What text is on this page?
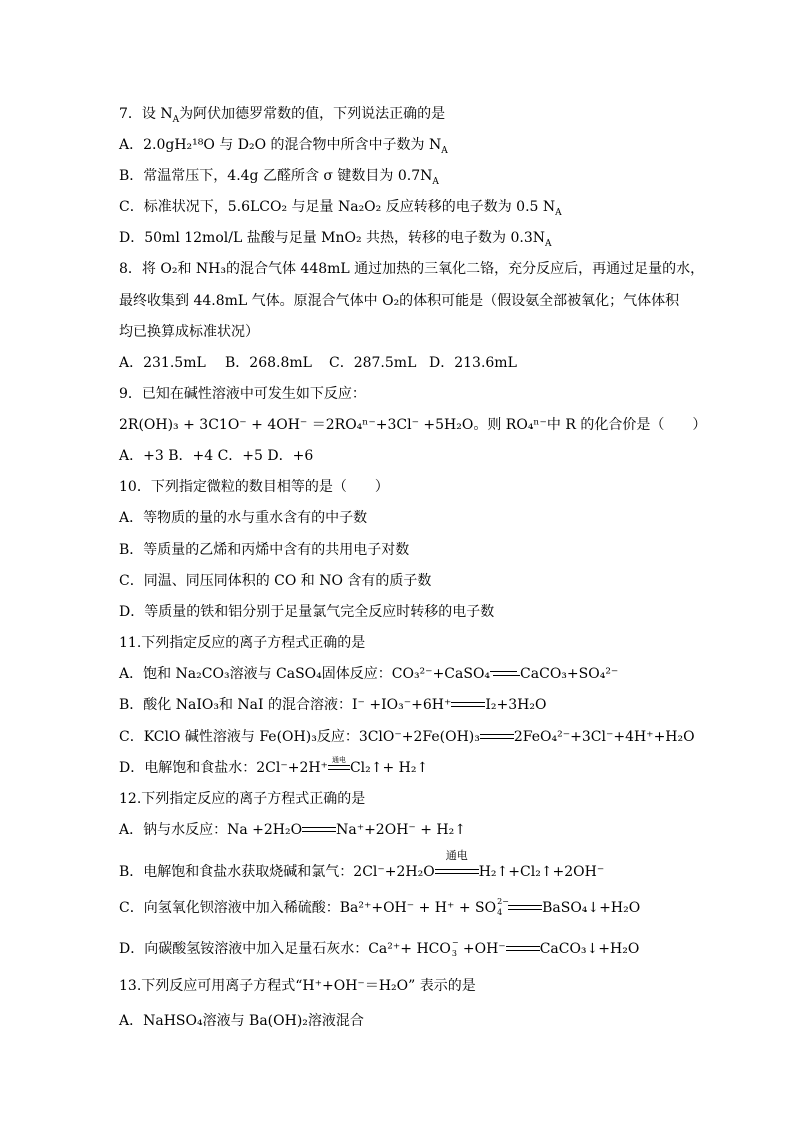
7．设 $N_A$为阿伏加德罗常数的值，下列说法正确的是
A．2.0gH₂¹⁸O 与 D₂O 的混合物中所含中子数为 $N_A$
B．常温常压下，4.4g 乙醛所含 σ 键数目为 $0.7N_A$
C．标准状况下，5.6LCO₂ 与足量 Na₂O₂ 反应转移的电子数为 0.5 $N_A$
D．50ml 12mol/L 盐酸与足量 MnO₂ 共热，转移的电子数为 $0.3N_A$
8．将 O₂和 NH₃的混合气体 448mL 通过加热的三氧化二铬，充分反应后，再通过足量的水，
最终收集到 44.8mL 气体。原混合气体中 O₂的体积可能是（假设氨全部被氧化；气体体积
均已换算成标准状况）
A．231.5mL B．268.8mL C．287.5mL D．213.6mL
9．已知在碱性溶液中可发生如下反应：
2R(OH)₃ + 3C1O⁻ + 4OH⁻ ＝2RO₄ⁿ⁻+3Cl⁻ +5H₂O。则 RO₄ⁿ⁻中 R 的化合价是（　　）
A．+3 B．+4 C．+5 D．+6
10．下列指定微粒的数目相等的是（　　）
A．等物质的量的水与重水含有的中子数
B．等质量的乙烯和丙烯中含有的共用电子对数
C．同温、同压同体积的 CO 和 NO 含有的质子数
D．等质量的铁和铝分别于足量氯气完全反应时转移的电子数
11.下列指定反应的离子方程式正确的是
A．饱和 Na₂CO₃溶液与 CaSO₄固体反应：CO₃²⁻+CaSO₄ CaCO₃+SO₄²⁻
B．酸化 NaIO₃和 NaI 的混合溶液：I⁻ +IO₃⁻+6H⁺ I₂+3H₂O
C．KClO 碱性溶液与 Fe(OH)₃反应：3ClO⁻+2Fe(OH)₃ 2FeO₄²⁻+3Cl⁻+4H⁺+H₂O
D．电解饱和食盐水：2Cl⁻+2H⁺ 通电 Cl₂↑+ H₂↑
12.下列指定反应的离子方程式正确的是
A．钠与水反应：Na +2H₂O Na⁺+2OH⁻ + H₂↑
B．电解饱和食盐水获取烧碱和氯气：2Cl⁻+2H₂O
通电
H₂↑+Cl₂↑+2OH⁻
C．向氢氧化钡溶液中加入稀硫酸：Ba²⁺+OH⁻ + H⁺ + SO 2−
4	BaSO₄↓+H₂O
D．向碳酸氢铵溶液中加入足量石灰水：Ca²⁺+ HCO −
3 +OH⁻ CaCO₃↓+H₂O
13.下列反应可用离子方程式“H⁺+OH⁻＝H₂O” 表示的是
A．NaHSO₄溶液与 Ba(OH)₂溶液混合
